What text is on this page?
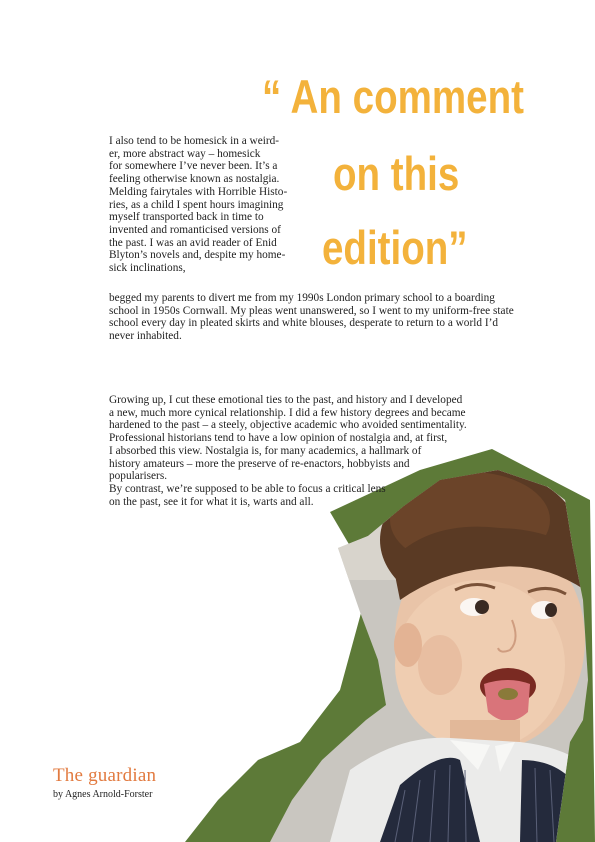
“ An comment
on this
edition”

I also tend to be homesick in a weird-

er, more abstract way – homesick

for somewhere I’ve never been. It’s a

feeling otherwise known as nostalgia.

Melding fairytales with Horrible Histo-

ries, as a child I spent hours imagining

myself transported back in time to

invented and romanticised versions of

the past. I was an avid reader of Enid

Blyton’s novels and, despite my home-

sick inclinations,

begged my parents to divert me from my 1990s London primary school to a boarding

school in 1950s Cornwall. My pleas went unanswered, so I went to my uniform-free state

school every day in pleated skirts and white blouses, desperate to return to a world I’d

never inhabited.

Growing up, I cut these emotional ties to the past, and history and I developed

a new, much more cynical relationship. I did a few history degrees and became

hardened to the past – a steely, objective academic who avoided sentimentality.

Professional historians tend to have a low opinion of nostalgia and, at first,

I absorbed this view. Nostalgia is, for many academics, a hallmark of

history amateurs – more the preserve of re-enactors, hobbyists and

popularisers.

By contrast, we’re supposed to be able to focus a critical lens

on the past, see it for what it is, warts and all.

The guardian
by Agnes Arnold-Forster
